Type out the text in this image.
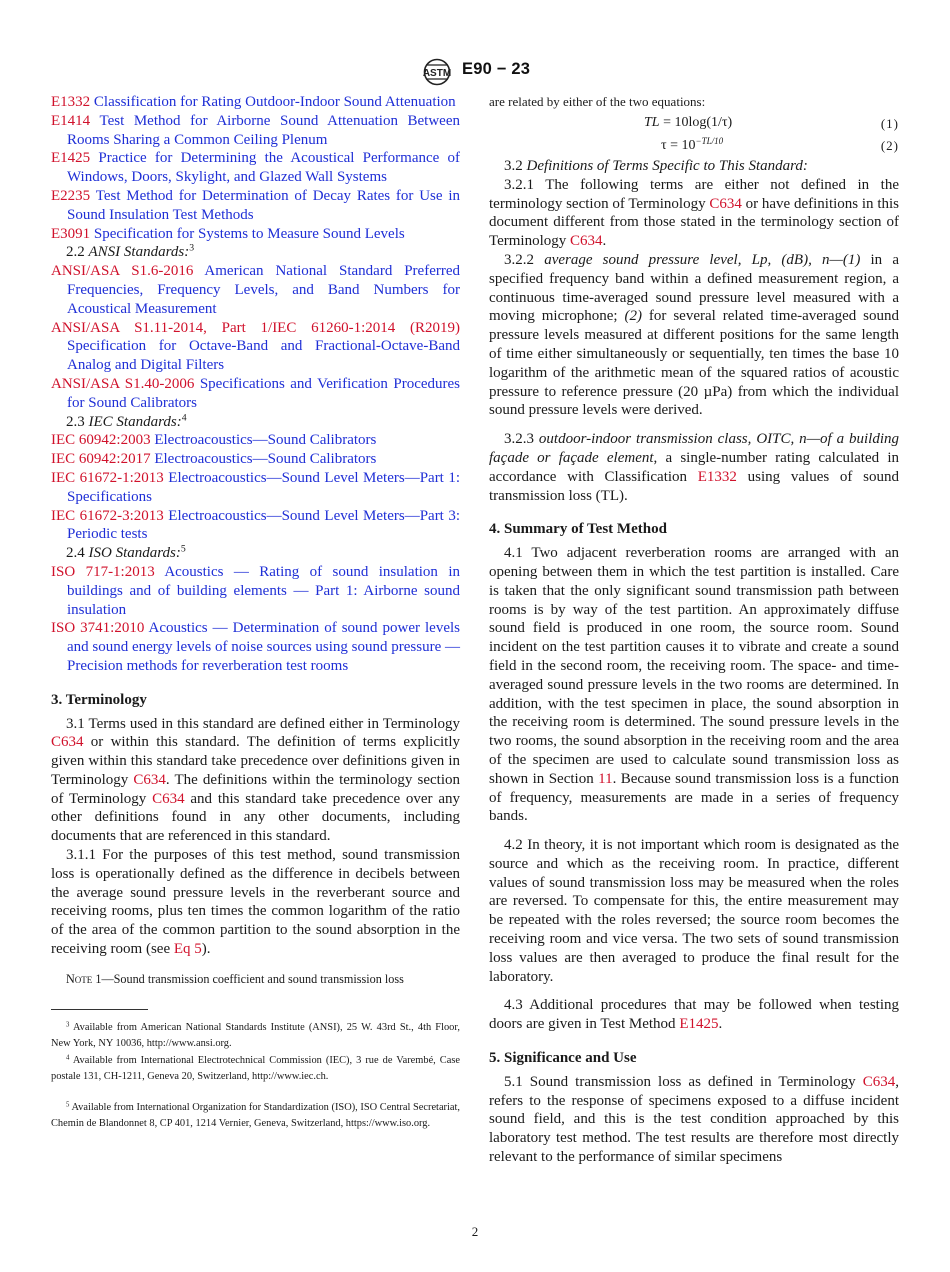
ASTM E90 − 23
E1332 Classification for Rating Outdoor-Indoor Sound Attenuation
E1414 Test Method for Airborne Sound Attenuation Between Rooms Sharing a Common Ceiling Plenum
E1425 Practice for Determining the Acoustical Performance of Windows, Doors, Skylight, and Glazed Wall Systems
E2235 Test Method for Determination of Decay Rates for Use in Sound Insulation Test Methods
E3091 Specification for Systems to Measure Sound Levels
2.2 ANSI Standards:$^3$
ANSI/ASA S1.6-2016 American National Standard Preferred Frequencies, Frequency Levels, and Band Numbers for Acoustical Measurement
ANSI/ASA S1.11-2014, Part 1/IEC 61260-1:2014 (R2019) Specification for Octave-Band and Fractional-Octave-Band Analog and Digital Filters
ANSI/ASA S1.40-2006 Specifications and Verification Procedures for Sound Calibrators
2.3 IEC Standards:$^4$
IEC 60942:2003 Electroacoustics—Sound Calibrators
IEC 60942:2017 Electroacoustics—Sound Calibrators
IEC 61672-1:2013 Electroacoustics—Sound Level Meters—Part 1: Specifications
IEC 61672-3:2013 Electroacoustics—Sound Level Meters—Part 3: Periodic tests
2.4 ISO Standards:$^5$
ISO 717-1:2013 Acoustics — Rating of sound insulation in buildings and of building elements — Part 1: Airborne sound insulation
ISO 3741:2010 Acoustics — Determination of sound power levels and sound energy levels of noise sources using sound pressure — Precision methods for reverberation test rooms
3. Terminology

3.1 Terms used in this standard are defined either in Terminology C634 or within this standard. The definition of terms explicitly given within this standard take precedence over definitions given in Terminology C634. The definitions within the terminology section of Terminology C634 and this standard take precedence over any other definitions found in any other documents, including documents that are referenced in this standard.

3.1.1 For the purposes of this test method, sound transmission loss is operationally defined as the difference in decibels between the average sound pressure levels in the reverberant source and receiving rooms, plus ten times the common logarithm of the ratio of the area of the common partition to the sound absorption in the receiving room (see Eq 5).

Note 1—Sound transmission coefficient and sound transmission loss

$^3$ Available from American National Standards Institute (ANSI), 25 W. 43rd St., 4th Floor, New York, NY 10036, http://www.ansi.org.

$^4$ Available from International Electrotechnical Commission (IEC), 3 rue de Varembé, Case postale 131, CH-1211, Geneva 20, Switzerland, http://www.iec.ch.

$^5$ Available from International Organization for Standardization (ISO), ISO Central Secretariat, Chemin de Blandonnet 8, CP 401, 1214 Vernier, Geneva, Switzerland, https://www.iso.org.

are related by either of the two equations:
TL = 10log(1/τ)	(1)
$\tau = 10^{-TL/10}$	(2)

3.2 Definitions of Terms Specific to This Standard:

3.2.1 The following terms are either not defined in the terminology section of Terminology C634 or have definitions in this document different from those stated in the terminology section of Terminology C634.

3.2.2 average sound pressure level, Lp, (dB), n—(1) in a specified frequency band within a defined measurement region, a continuous time-averaged sound pressure level measured with a moving microphone; (2) for several related time-averaged sound pressure levels measured at different positions for the same length of time either simultaneously or sequentially, ten times the base 10 logarithm of the arithmetic mean of the squared ratios of acoustic pressure to reference pressure (20 µPa) from which the individual sound pressure levels were derived.

3.2.3 outdoor-indoor transmission class, OITC, n—of a building façade or façade element, a single-number rating calculated in accordance with Classification E1332 using values of sound transmission loss (TL).

4. Summary of Test Method

4.1 Two adjacent reverberation rooms are arranged with an opening between them in which the test partition is installed. Care is taken that the only significant sound transmission path between rooms is by way of the test partition. An approximately diffuse sound field is produced in one room, the source room. Sound incident on the test partition causes it to vibrate and create a sound field in the second room, the receiving room. The space- and time-averaged sound pressure levels in the two rooms are determined. In addition, with the test specimen in place, the sound absorption in the receiving room is determined. The sound pressure levels in the two rooms, the sound absorption in the receiving room and the area of the specimen are used to calculate sound transmission loss as shown in Section 11. Because sound transmission loss is a function of frequency, measurements are made in a series of frequency bands.

4.2 In theory, it is not important which room is designated as the source and which as the receiving room. In practice, different values of sound transmission loss may be measured when the roles are reversed. To compensate for this, the entire measurement may be repeated with the roles reversed; the source room becomes the receiving room and vice versa. The two sets of sound transmission loss values are then averaged to produce the final result for the laboratory.

4.3 Additional procedures that may be followed when testing doors are given in Test Method E1425.

5. Significance and Use

5.1 Sound transmission loss as defined in Terminology C634, refers to the response of specimens exposed to a diffuse incident sound field, and this is the test condition approached by this laboratory test method. The test results are therefore most directly relevant to the performance of similar specimens

2
